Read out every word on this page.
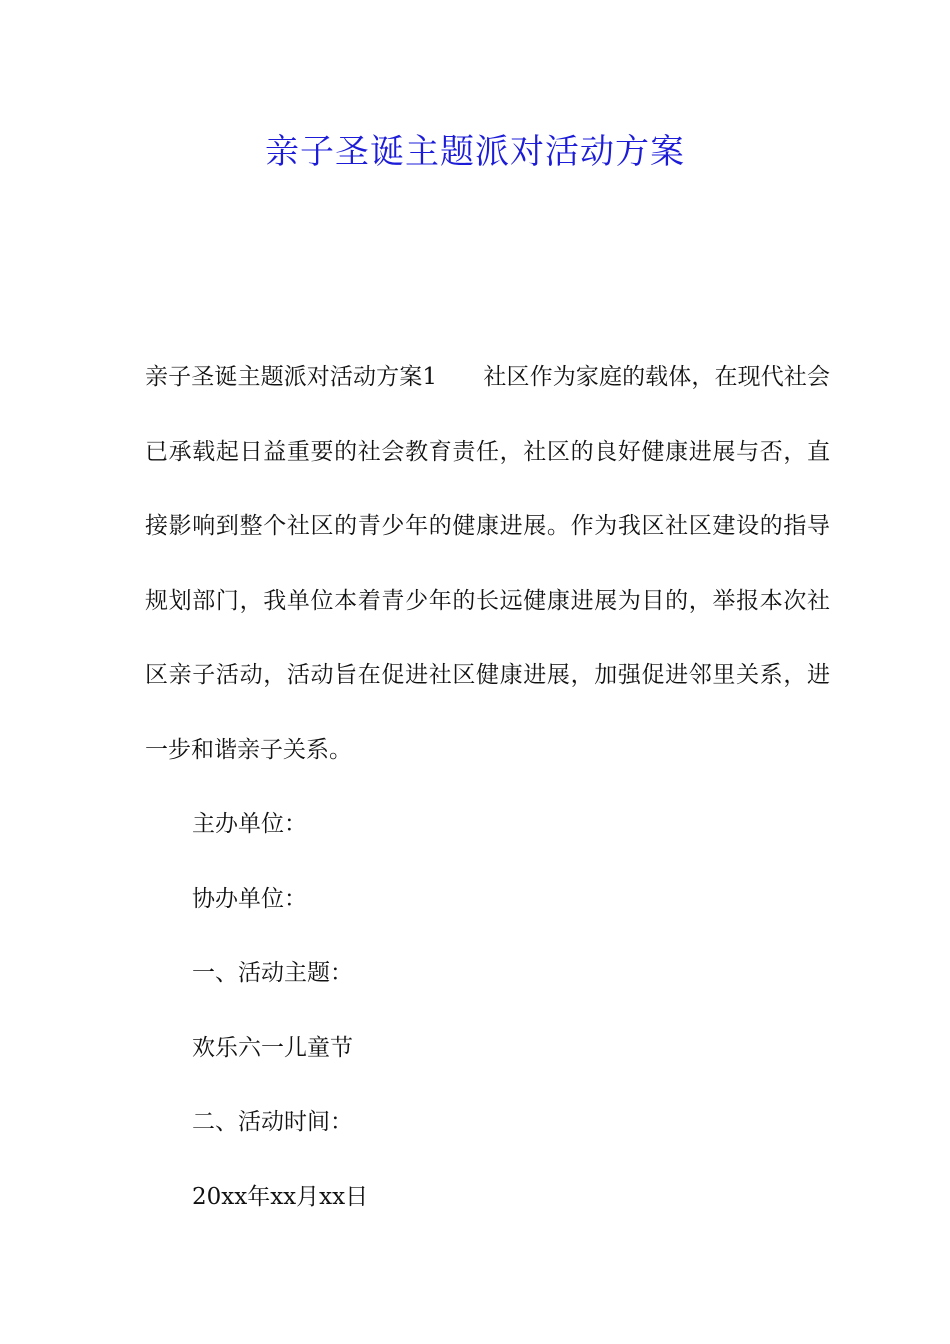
亲子圣诞主题派对活动方案

亲子圣诞主题派对活动方案1　　社区作为家庭的载体，在现代社会已承载起日益重要的社会教育责任，社区的良好健康进展与否，直接影响到整个社区的青少年的健康进展。作为我区社区建设的指导规划部门，我单位本着青少年的长远健康进展为目的，举报本次社区亲子活动，活动旨在促进社区健康进展，加强促进邻里关系，进一步和谐亲子关系。

主办单位：

协办单位：

一、活动主题：

欢乐六一儿童节

二、活动时间：

20xx年xx月xx日
